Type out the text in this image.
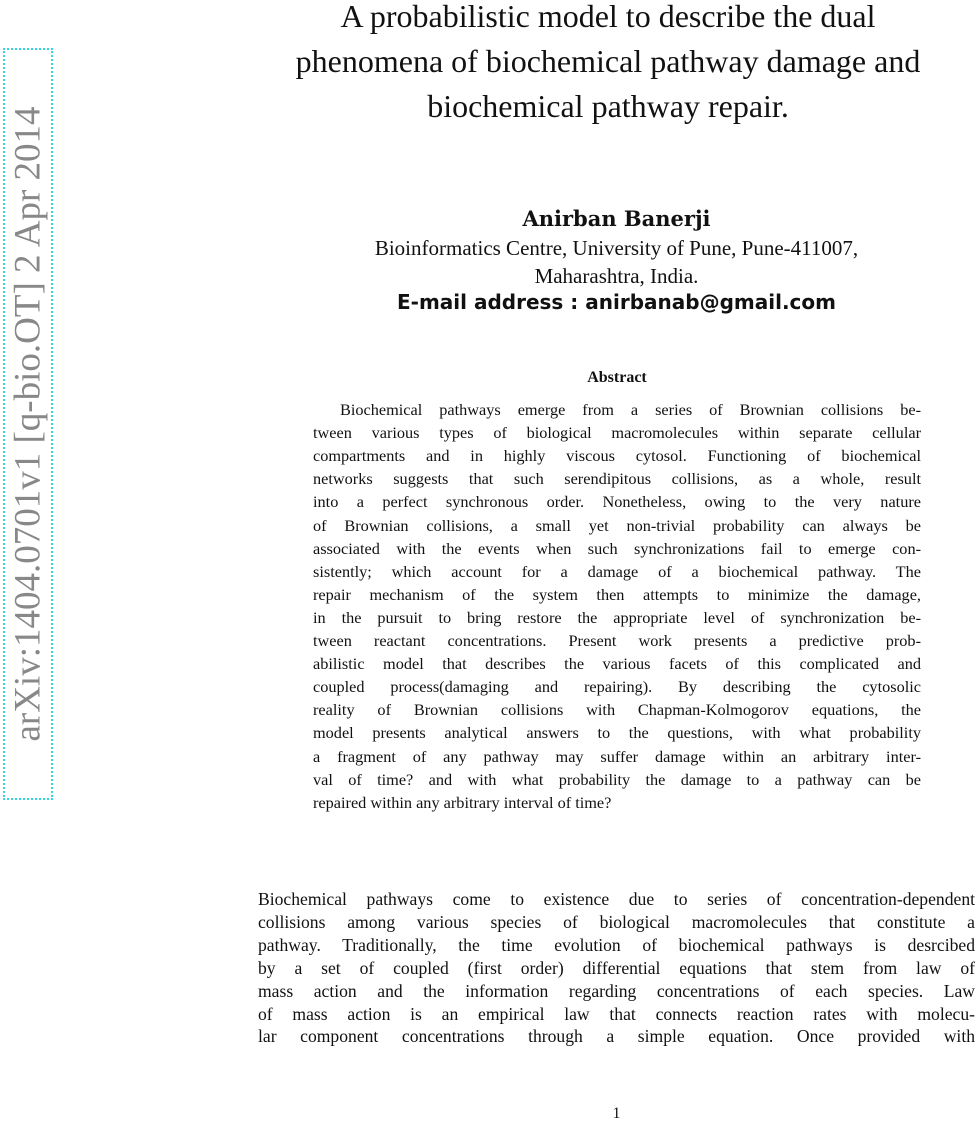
arXiv:1404.0701v1 [q-bio.OT] 2 Apr 2014
A probabilistic model to describe the dual
phenomena of biochemical pathway damage and
biochemical pathway repair.
Anirban Banerji
Bioinformatics Centre, University of Pune, Pune-411007,
Maharashtra, India.
E-mail address : anirbanab@gmail.com
Abstract
Biochemical pathways emerge from a series of Brownian collisions be-
tween various types of biological macromolecules within separate cellular
compartments and in highly viscous cytosol. Functioning of biochemical
networks suggests that such serendipitous collisions, as a whole, result
into a perfect synchronous order. Nonetheless, owing to the very nature
of Brownian collisions, a small yet non-trivial probability can always be
associated with the events when such synchronizations fail to emerge con-
sistently; which account for a damage of a biochemical pathway. The
repair mechanism of the system then attempts to minimize the damage,
in the pursuit to bring restore the appropriate level of synchronization be-
tween reactant concentrations. Present work presents a predictive prob-
abilistic model that describes the various facets of this complicated and
coupled process(damaging and repairing). By describing the cytosolic
reality of Brownian collisions with Chapman-Kolmogorov equations, the
model presents analytical answers to the questions, with what probability
a fragment of any pathway may suffer damage within an arbitrary inter-
val of time? and with what probability the damage to a pathway can be
repaired within any arbitrary interval of time?
Biochemical pathways come to existence due to series of concentration-dependent
collisions among various species of biological macromolecules that constitute a
pathway. Traditionally, the time evolution of biochemical pathways is desrcibed
by a set of coupled (first order) differential equations that stem from law of
mass action and the information regarding concentrations of each species. Law
of mass action is an empirical law that connects reaction rates with molecu-
lar component concentrations through a simple equation. Once provided with
1
